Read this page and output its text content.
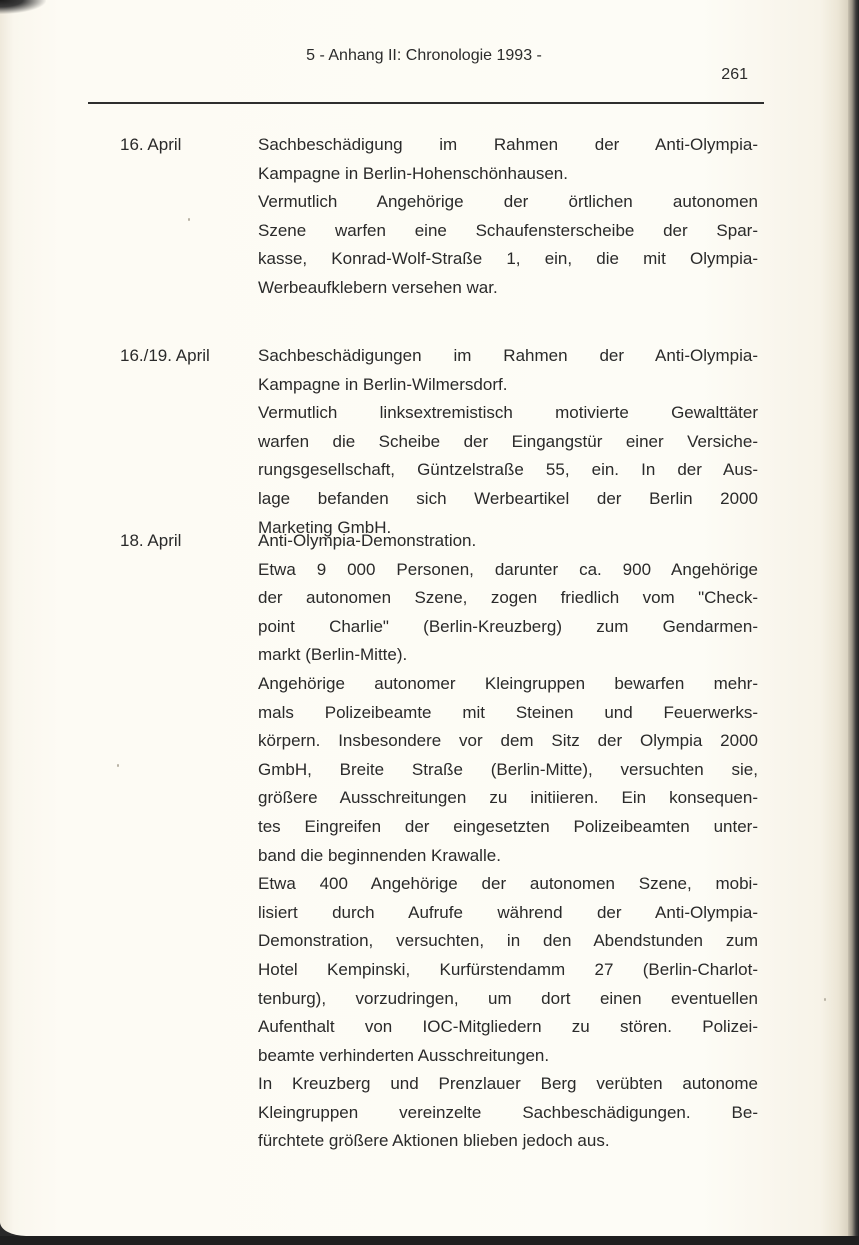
5 - Anhang II: Chronologie 1993 -
261
16. April	Sachbeschädigung im Rahmen der Anti-Olympia-
Kampagne in Berlin-Hohenschönhausen.
Vermutlich Angehörige der örtlichen autonomen
Szene warfen eine Schaufensterscheibe der Spar-
kasse, Konrad-Wolf-Straße 1, ein, die mit Olympia-
Werbeaufklebern versehen war.
16./19. April	Sachbeschädigungen im Rahmen der Anti-Olympia-
Kampagne in Berlin-Wilmersdorf.
Vermutlich linksextremistisch motivierte Gewalttäter
warfen die Scheibe der Eingangstür einer Versiche-
rungsgesellschaft, Güntzelstraße 55, ein. In der Aus-
lage befanden sich Werbeartikel der Berlin 2000
Marketing GmbH.
18. April	Anti-Olympia-Demonstration.
Etwa 9 000 Personen, darunter ca. 900 Angehörige
der autonomen Szene, zogen friedlich vom "Check-
point Charlie" (Berlin-Kreuzberg) zum Gendarmen-
markt (Berlin-Mitte).
Angehörige autonomer Kleingruppen bewarfen mehr-
mals Polizeibeamte mit Steinen und Feuerwerks-
körpern. Insbesondere vor dem Sitz der Olympia 2000
GmbH, Breite Straße (Berlin-Mitte), versuchten sie,
größere Ausschreitungen zu initiieren. Ein konsequen-
tes Eingreifen der eingesetzten Polizeibeamten unter-
band die beginnenden Krawalle.
Etwa 400 Angehörige der autonomen Szene, mobi-
lisiert durch Aufrufe während der Anti-Olympia-
Demonstration, versuchten, in den Abendstunden zum
Hotel Kempinski, Kurfürstendamm 27 (Berlin-Charlot-
tenburg), vorzudringen, um dort einen eventuellen
Aufenthalt von IOC-Mitgliedern zu stören. Polizei-
beamte verhinderten Ausschreitungen.
In Kreuzberg und Prenzlauer Berg verübten autonome
Kleingruppen vereinzelte Sachbeschädigungen. Be-
fürchtete größere Aktionen blieben jedoch aus.
